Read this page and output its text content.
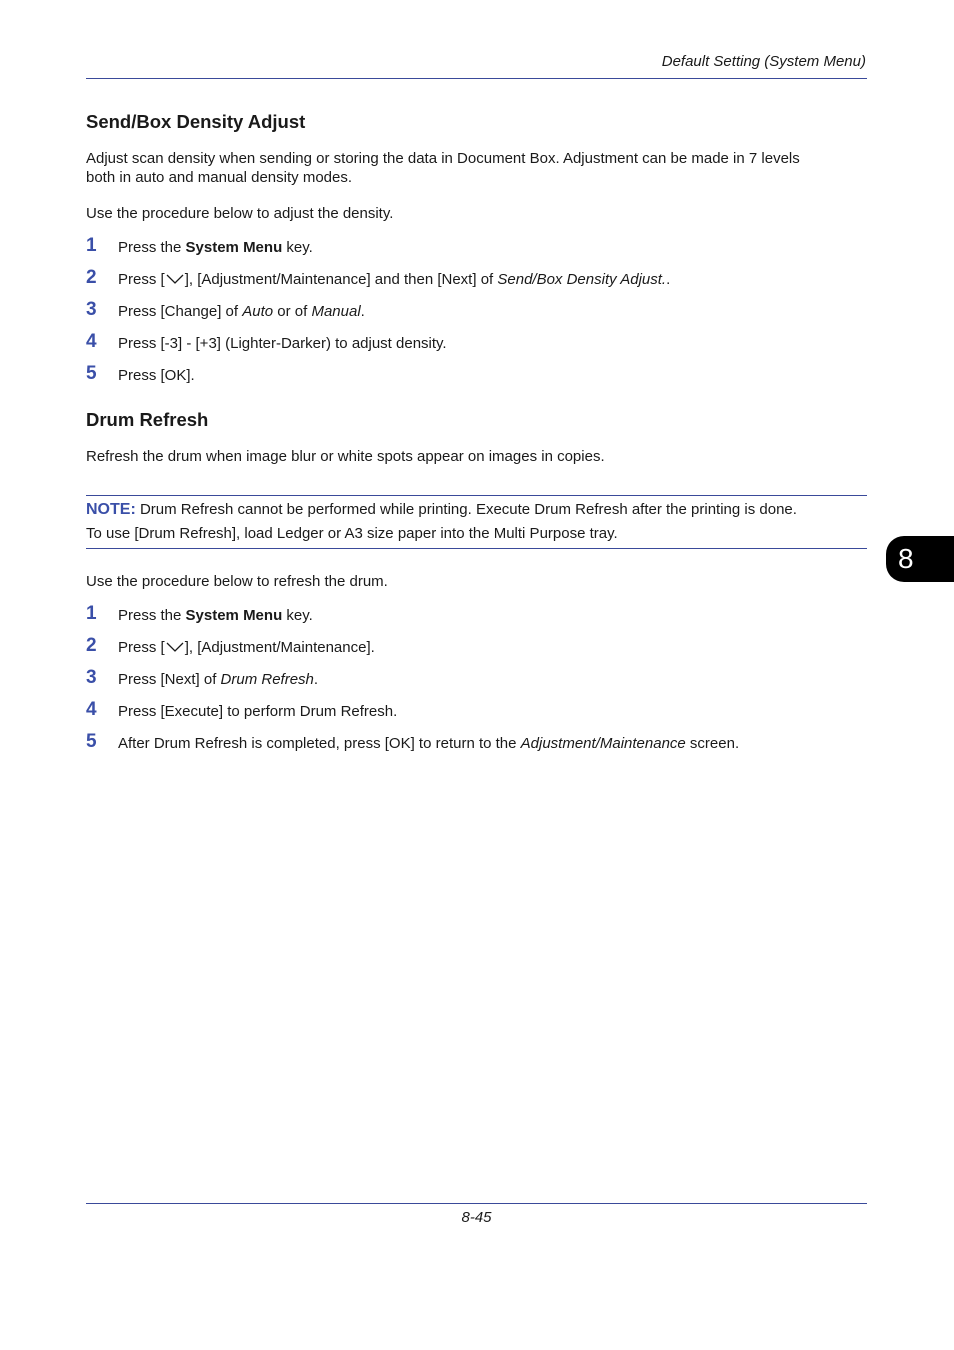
Default Setting (System Menu)
Send/Box Density Adjust
Adjust scan density when sending or storing the data in Document Box. Adjustment can be made in 7 levels
both in auto and manual density modes.
Use the procedure below to adjust the density.
1	Press the System Menu key.
2	Press [ ], [Adjustment/Maintenance] and then [Next] of Send/Box Density Adjust..
3	Press [Change] of Auto or of Manual.
4	Press [-3] - [+3] (Lighter-Darker) to adjust density.
5	Press [OK].
Drum Refresh
Refresh the drum when image blur or white spots appear on images in copies.
NOTE: Drum Refresh cannot be performed while printing. Execute Drum Refresh after the printing is done.
To use [Drum Refresh], load Ledger or A3 size paper into the Multi Purpose tray.
Use the procedure below to refresh the drum.
1	Press the System Menu key.
2	Press [ ], [Adjustment/Maintenance].
3	Press [Next] of Drum Refresh.
4	Press [Execute] to perform Drum Refresh.
5	After Drum Refresh is completed, press [OK] to return to the Adjustment/Maintenance screen.
8
8-45
